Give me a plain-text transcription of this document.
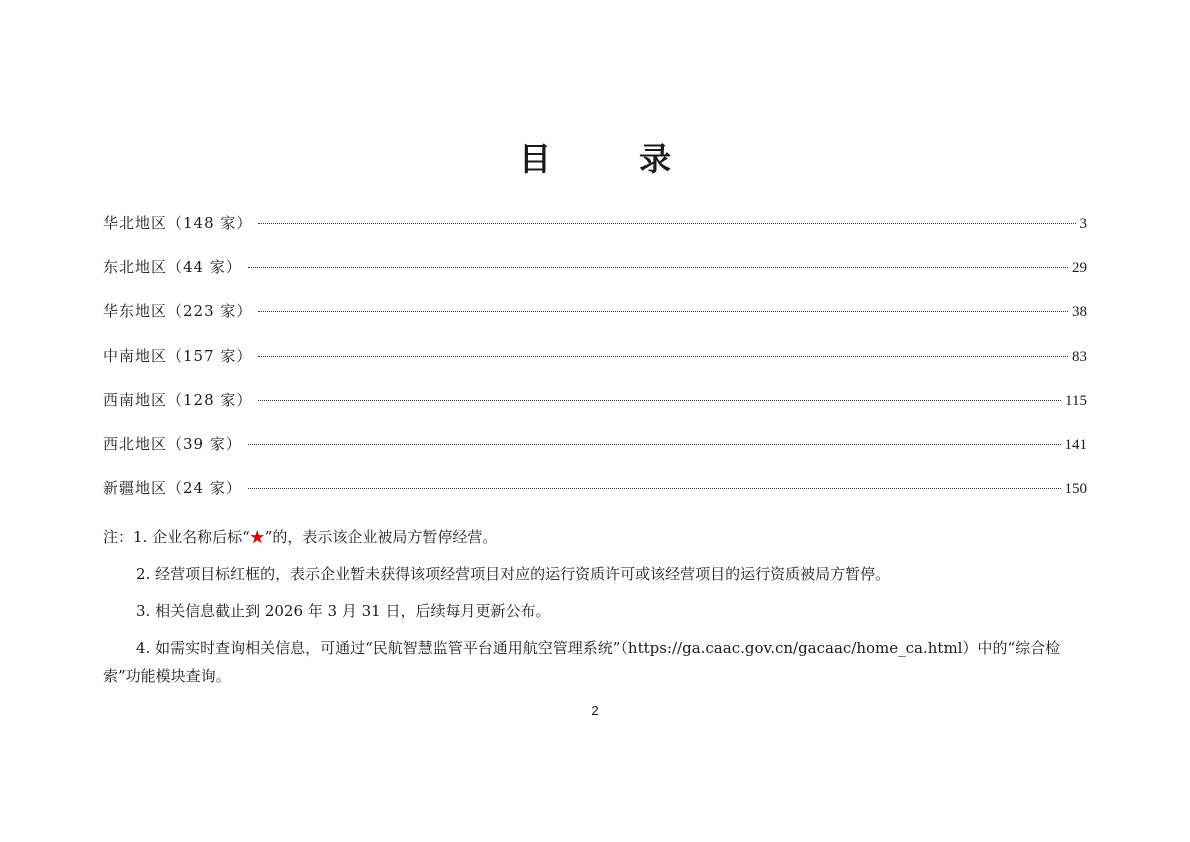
目　录
华北地区（148 家）	3
东北地区（44 家）	29
华东地区（223 家）	38
中南地区（157 家）	83
西南地区（128 家）	115
西北地区（39 家）	141
新疆地区（24 家）	150
注：1. 企业名称后标“★”的，表示该企业被局方暂停经营。
2. 经营项目标红框的，表示企业暂未获得该项经营项目对应的运行资质许可或该经营项目的运行资质被局方暂停。
3. 相关信息截止到 2026 年 3 月 31 日，后续每月更新公布。
4. 如需实时查询相关信息，可通过“民航智慧监管平台通用航空管理系统”（https://ga.caac.gov.cn/gacaac/home_ca.html）中的“综合检索”功能模块查询。
2
